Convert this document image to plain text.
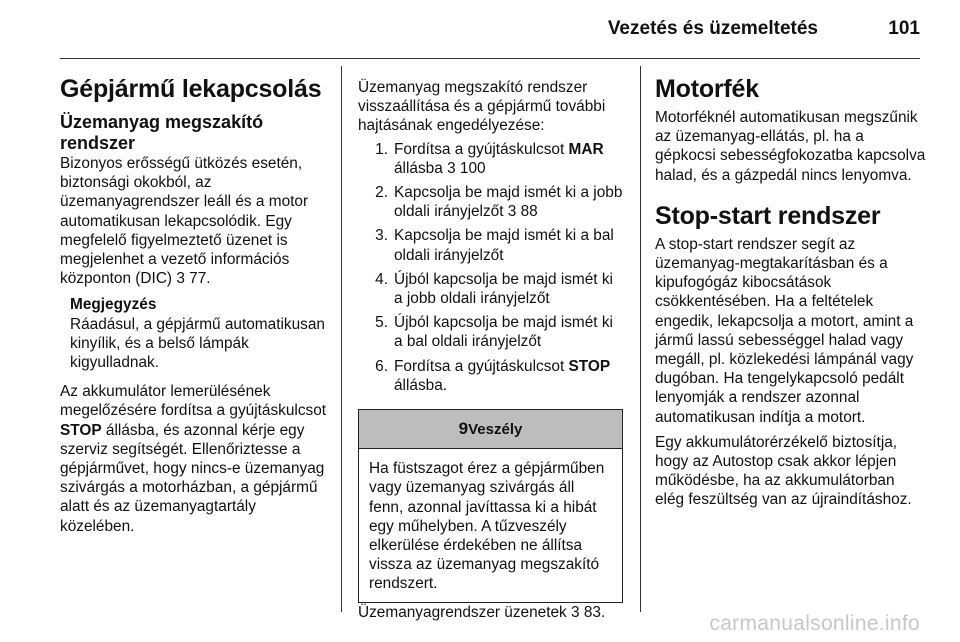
Vezetés és üzemeltetés	101
Gépjármű lekapcsolás
Üzemanyag megszakító rendszer

Bizonyos erősségű ütközés esetén, biztonsági okokból, az üzemanyagrendszer leáll és a motor automatikusan lekapcsolódik. Egy megfelelő figyelmeztető üzenet is megjelenhet a vezető információs központon (DIC) 3 77.

Megjegyzés
Ráadásul, a gépjármű automatikusan kinyílik, és a belső lámpák kigyulladnak.

Az akkumulátor lemerülésének megelőzésére fordítsa a gyújtáskulcsot STOP állásba, és azonnal kérje egy szerviz segítségét. Ellenőriztesse a gépjárművet, hogy nincs-e üzemanyag szivárgás a motorházban, a gépjármű alatt és az üzemanyagtartály közelében.

Üzemanyag megszakító rendszer visszaállítása és a gépjármű további hajtásának engedélyezése:

1. Fordítsa a gyújtáskulcsot MAR állásba 3 100
2. Kapcsolja be majd ismét ki a jobb oldali irányjelzőt 3 88
3. Kapcsolja be majd ismét ki a bal oldali irányjelzőt
4. Újból kapcsolja be majd ismét ki a jobb oldali irányjelzőt
5. Újból kapcsolja be majd ismét ki a bal oldali irányjelzőt
6. Fordítsa a gyújtáskulcsot STOP állásba.
9Veszély
Ha füstszagot érez a gépjárműben vagy üzemanyag szivárgás áll fenn, azonnal javíttassa ki a hibát egy műhelyben. A tűzveszély elkerülése érdekében ne állítsa vissza az üzemanyag megszakító rendszert.

Üzemanyagrendszer üzenetek 3 83.

Motorfék

Motorféknél automatikusan megszűnik az üzemanyag-ellátás, pl. ha a gépkocsi sebességfokozatba kapcsolva halad, és a gázpedál nincs lenyomva.

Stop-start rendszer

A stop-start rendszer segít az üzemanyag-megtakarításban és a kipufogógáz kibocsátások csökkentésében. Ha a feltételek engedik, lekapcsolja a motort, amint a jármű lassú sebességgel halad vagy megáll, pl. közlekedési lámpánál vagy dugóban. Ha tengelykapcsoló pedált lenyomják a rendszer azonnal automatikusan indítja a motort.

Egy akkumulátorérzékelő biztosítja, hogy az Autostop csak akkor lépjen működésbe, ha az akkumulátorban elég feszültség van az újraindításhoz.

carmanualsonline.info
